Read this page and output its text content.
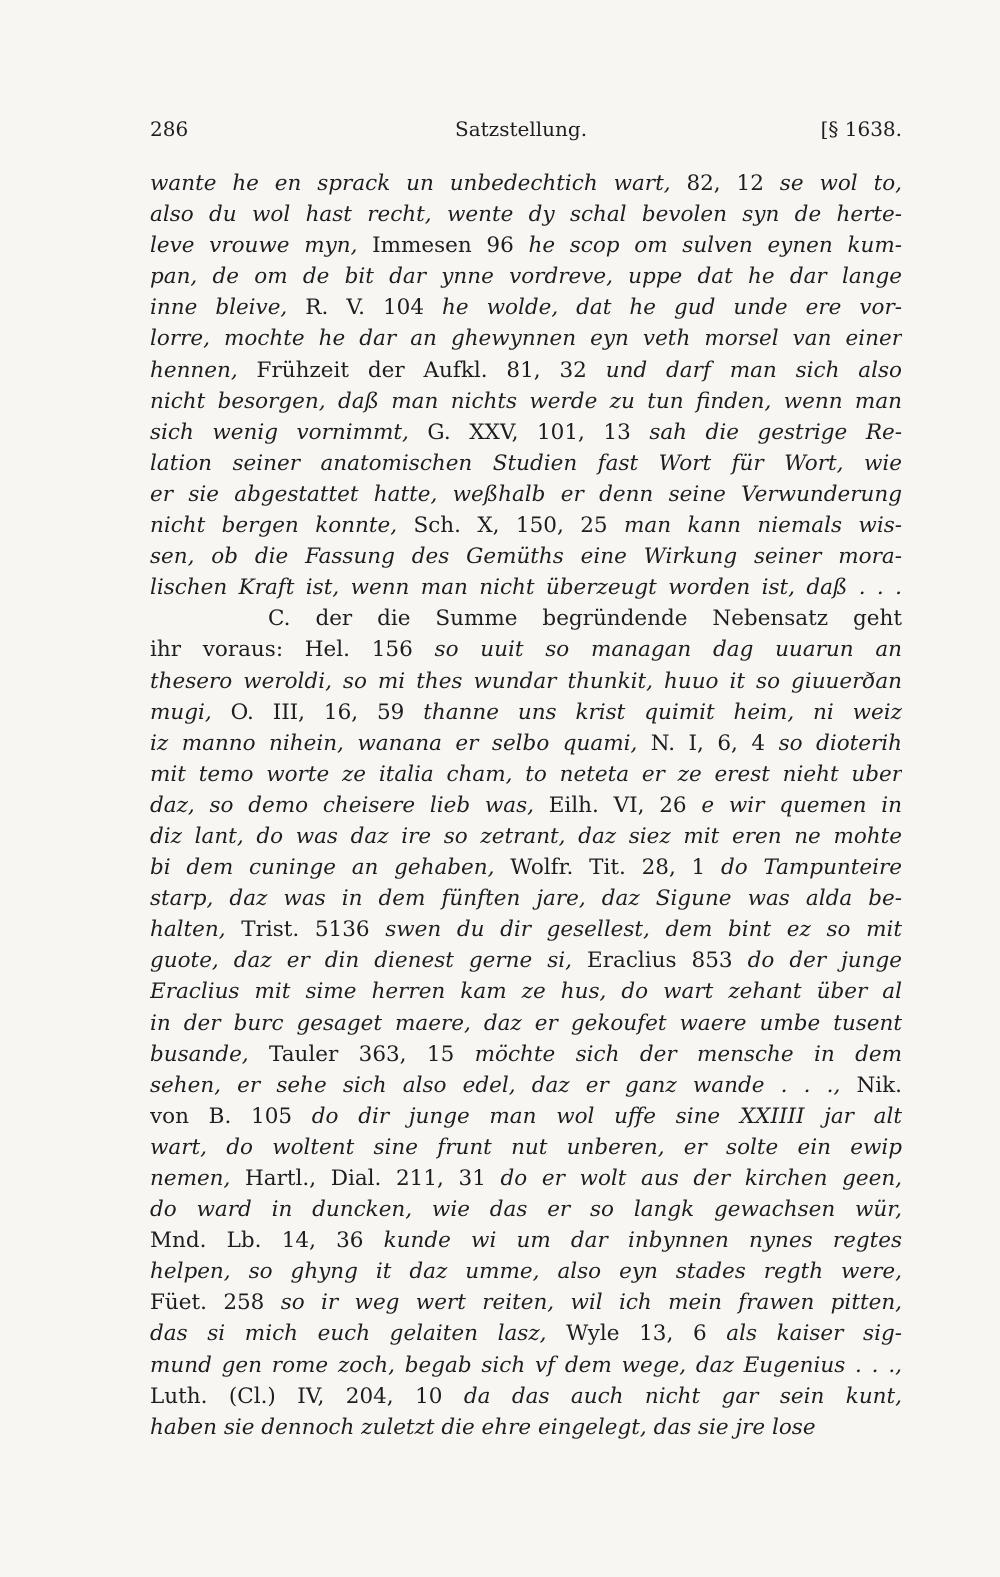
286	Satzstellung.	[§ 1638.
wante he en sprack un unbedechtich wart, 82, 12 se wol to,
also du wol hast recht, wente dy schal bevolen syn de herte-
leve vrouwe myn, Immesen 96 he scop om sulven eynen kum-
pan, de om de bit dar ynne vordreve, uppe dat he dar lange
inne bleive, R. V. 104 he wolde, dat he gud unde ere vor-
lorre, mochte he dar an ghewynnen eyn veth morsel van einer
hennen, Frühzeit der Aufkl. 81, 32 und darf man sich also
nicht besorgen, daß man nichts werde zu tun finden, wenn man
sich wenig vornimmt, G. XXV, 101, 13 sah die gestrige Re-
lation seiner anatomischen Studien fast Wort für Wort, wie
er sie abgestattet hatte, weßhalb er denn seine Verwunderung
nicht bergen konnte, Sch. X, 150, 25 man kann niemals wis-
sen, ob die Fassung des Gemüths eine Wirkung seiner mora-
lischen Kraft ist, wenn man nicht überzeugt worden ist, daß . . .
C. der die Summe begründende Nebensatz geht
ihr voraus: Hel. 156 so uuit so managan dag uuarun an
thesero weroldi, so mi thes wundar thunkit, huuo it so giuuerðan
mugi, O. III, 16, 59 thanne uns krist quimit heim, ni weiz
iz manno nihein, wanana er selbo quami, N. I, 6, 4 so dioterih
mit temo worte ze italia cham, to neteta er ze erest nieht uber
daz, so demo cheisere lieb was, Eilh. VI, 26 e wir quemen in
diz lant, do was daz ire so zetrant, daz siez mit eren ne mohte
bi dem cuninge an gehaben, Wolfr. Tit. 28, 1 do Tampunteire
starp, daz was in dem fünften jare, daz Sigune was alda be-
halten, Trist. 5136 swen du dir gesellest, dem bint ez so mit
guote, daz er din dienest gerne si, Eraclius 853 do der junge
Eraclius mit sime herren kam ze hus, do wart zehant über al
in der burc gesaget maere, daz er gekoufet waere umbe tusent
busande, Tauler 363, 15 möchte sich der mensche in dem
sehen, er sehe sich also edel, daz er ganz wande . . ., Nik.
von B. 105 do dir junge man wol uffe sine XXIIII jar alt
wart, do woltent sine frunt nut unberen, er solte ein ewip
nemen, Hartl., Dial. 211, 31 do er wolt aus der kirchen geen,
do ward in duncken, wie das er so langk gewachsen wür,
Mnd. Lb. 14, 36 kunde wi um dar inbynnen nynes regtes
helpen, so ghyng it daz umme, also eyn stades regth were,
Füet. 258 so ir weg wert reiten, wil ich mein frawen pitten,
das si mich euch gelaiten lasz, Wyle 13, 6 als kaiser sig-
mund gen rome zoch, begab sich vf dem wege, daz Eugenius . . .,
Luth. (Cl.) IV, 204, 10 da das auch nicht gar sein kunt,
haben sie dennoch zuletzt die ehre eingelegt, das sie jre lose
